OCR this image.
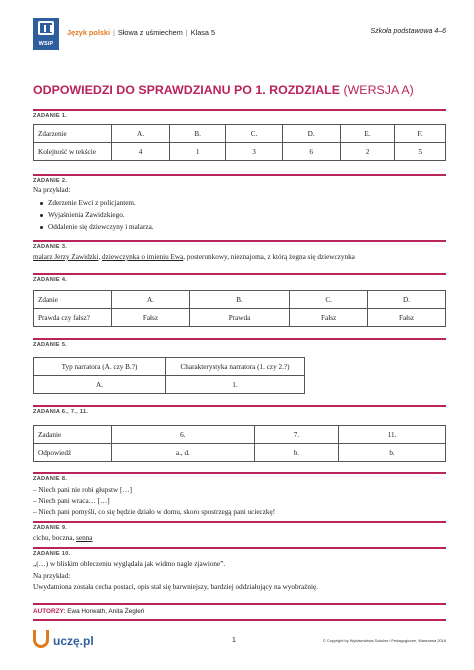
WSiP
Język polski | Słowa z uśmiechem | Klasa 5	Szkoła podstawowa 4–6
ODPOWIEDZI DO SPRAWDZIANU PO 1. ROZDZIALE (WERSJA A)
ZADANIE 1.
Zdarzenie	A.	B.	C.	D.	E.	F.
Kolejność w tekście	4	1	3	6	2	5
ZADANIE 2.
Na przykład:
Zderzenie Ewci z policjantem.
Wyjaśnienia Zawidzkiego.
Oddalenie się dziewczyny i malarza.
ZADANIE 3.
malarz Jerzy Zawidzki, dziewczynka o imieniu Ewa, posterunkowy, nieznajoma, z którą żegna się dziewczynka
ZADANIE 4.
Zdanie	A.	B.	C.	D.
Prawda czy fałsz?	Fałsz	Prawda	Fałsz	Fałsz
ZADANIE 5.
Typ narratora (A. czy B.?)	Charakterystyka narratora (1. czy 2.?)
A.	1.
ZADANIA 6., 7., 11.
Zadanie	6.	7.	11.
Odpowiedź	a., d.	b.	b.
ZADANIE 8.
– Niech pani nie robi głupstw […]
– Niech pani wraca… […]
– Niech pani pomyśli, co się będzie działo w domu, skoro spostrzegą pani ucieczkę!
ZADANIE 9.
cichu, boczna, senna
ZADANIE 10.
„(…) w bliskim obleczeniu wyglądała jak widmo nagle zjawione”.
Na przykład:
Uwydatniona została cecha postaci, opis stał się barwniejszy, bardziej oddziałujący na wyobraźnię.
AUTORZY: Ewa Horwath, Anita Żegleń
uczę.pl	1	© Copyright by Wydawnictwa Szkolne i Pedagogiczne, Warszawa 2018
